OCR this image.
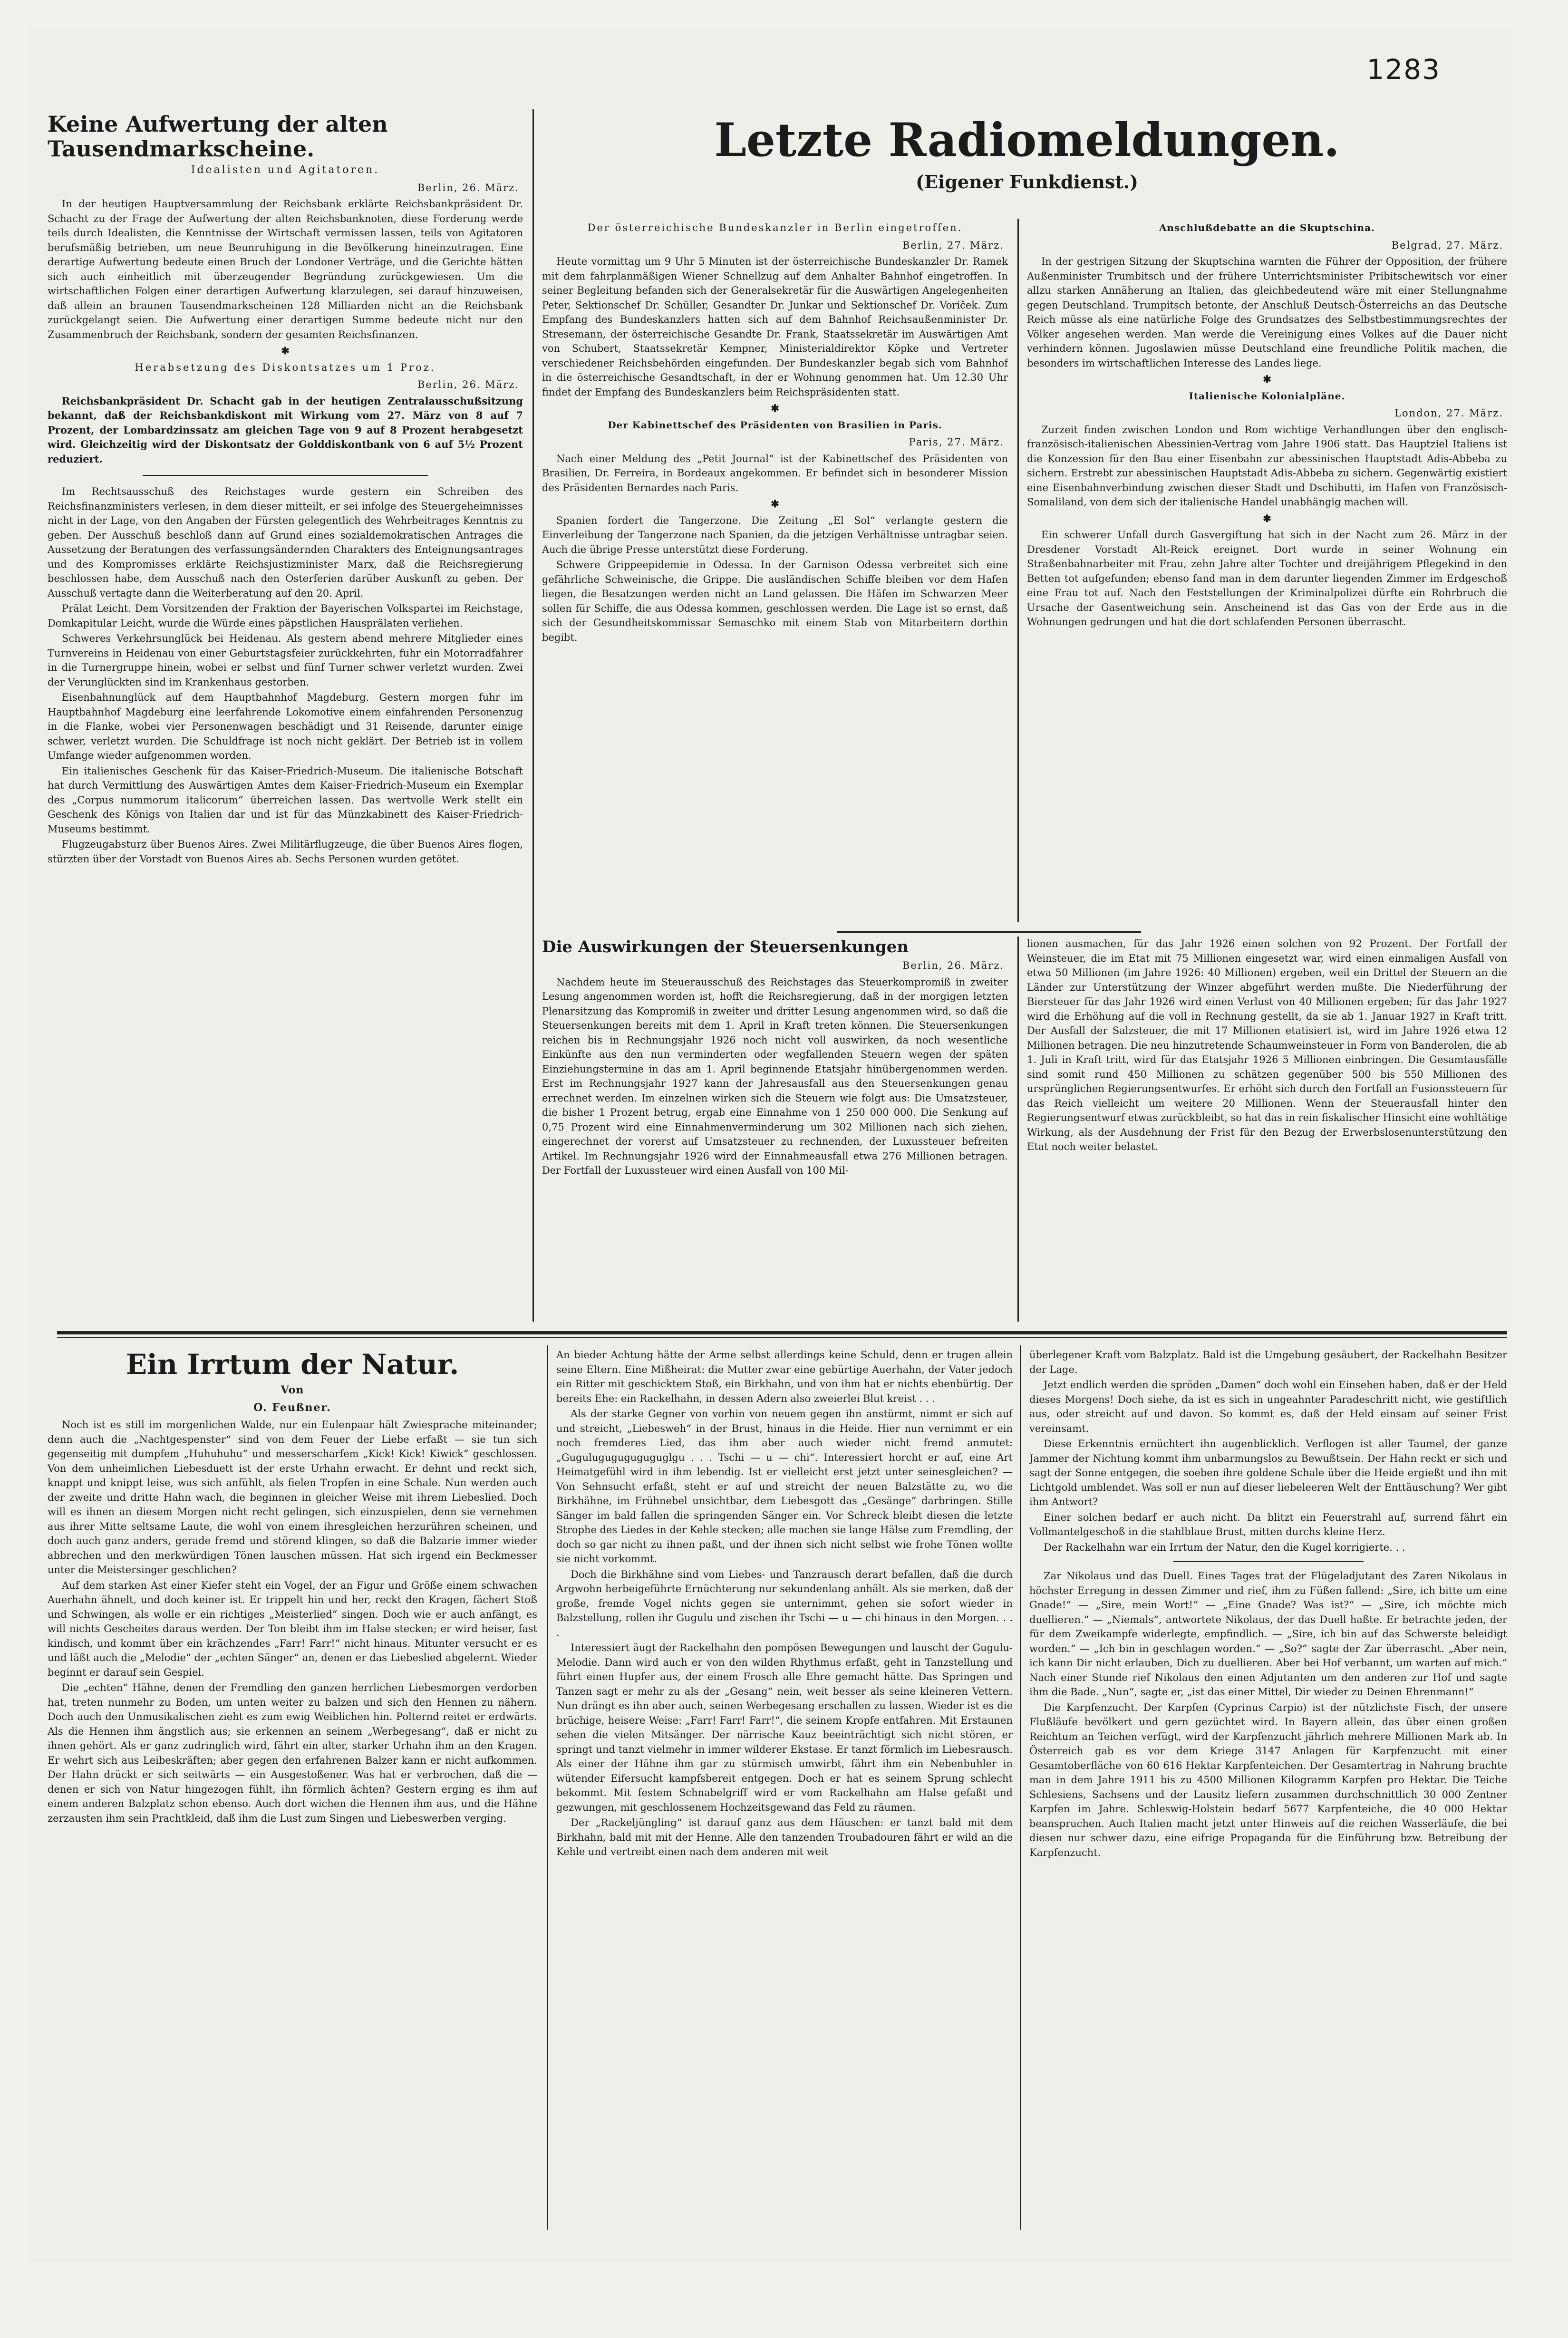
1283
Keine Aufwertung der alten Tausendmarkscheine.
Idealisten und Agitatoren.
Berlin, 26. März.

In der heutigen Hauptversammlung der Reichsbank erklärte Reichsbankpräsident Dr. Schacht zu der Frage der Aufwertung der alten Reichsbanknoten, diese Forderung werde teils durch Idealisten, die Kenntnisse der Wirtschaft vermissen lassen, teils von Agitatoren berufsmäßig betrieben, um neue Beunruhigung in die Bevölkerung hineinzutragen. Eine derartige Aufwertung bedeute einen Bruch der Londoner Verträge, und die Gerichte hätten sich auch einheitlich mit überzeugender Begründung zurückgewiesen. Um die wirtschaftlichen Folgen einer derartigen Aufwertung klarzulegen, sei darauf hinzuweisen, daß allein an braunen Tausendmarkscheinen 128 Milliarden nicht an die Reichsbank zurückgelangt seien. Die Aufwertung einer derartigen Summe bedeute nicht nur den Zusammenbruch der Reichsbank, sondern der gesamten Reichsfinanzen.

✱
Herabsetzung des Diskontsatzes um 1 Proz.
Berlin, 26. März.

Reichsbankpräsident Dr. Schacht gab in der heutigen Zentralausschußsitzung bekannt, daß der Reichsbankdiskont mit Wirkung vom 27. März von 8 auf 7 Prozent, der Lombardzinssatz am gleichen Tage von 9 auf 8 Prozent herabgesetzt wird. Gleichzeitig wird der Diskontsatz der Golddiskontbank von 6 auf 5½ Prozent reduziert.

Im Rechtsausschuß des Reichstages wurde gestern ein Schreiben des Reichsfinanzministers verlesen, in dem dieser mitteilt, er sei infolge des Steuergeheimnisses nicht in der Lage, von den Angaben der Fürsten gelegentlich des Wehrbeitrages Kenntnis zu geben. Der Ausschuß beschloß dann auf Grund eines sozialdemokratischen Antrages die Aussetzung der Beratungen des verfassungsändernden Charakters des Enteignungsantrages und des Kompromisses erklärte Reichsjustizminister Marx, daß die Reichsregierung beschlossen habe, dem Ausschuß nach den Osterferien darüber Auskunft zu geben. Der Ausschuß vertagte dann die Weiterberatung auf den 20. April.

Prälat Leicht. Dem Vorsitzenden der Fraktion der Bayerischen Volkspartei im Reichstage, Domkapitular Leicht, wurde die Würde eines päpstlichen Hausprälaten verliehen.

Schweres Verkehrsunglück bei Heidenau. Als gestern abend mehrere Mitglieder eines Turnvereins in Heidenau von einer Geburtstagsfeier zurückkehrten, fuhr ein Motorradfahrer in die Turnergruppe hinein, wobei er selbst und fünf Turner schwer verletzt wurden. Zwei der Verunglückten sind im Krankenhaus gestorben.

Eisenbahnunglück auf dem Hauptbahnhof Magdeburg. Gestern morgen fuhr im Hauptbahnhof Magdeburg eine leerfahrende Lokomotive einem einfahrenden Personenzug in die Flanke, wobei vier Personenwagen beschädigt und 31 Reisende, darunter einige schwer, verletzt wurden. Die Schuldfrage ist noch nicht geklärt. Der Betrieb ist in vollem Umfange wieder aufgenommen worden.

Ein italienisches Geschenk für das Kaiser-Friedrich-Museum. Die italienische Botschaft hat durch Vermittlung des Auswärtigen Amtes dem Kaiser-Friedrich-Museum ein Exemplar des „Corpus nummorum italicorum“ überreichen lassen. Das wertvolle Werk stellt ein Geschenk des Königs von Italien dar und ist für das Münzkabinett des Kaiser-Friedrich-Museums bestimmt.

Flugzeugabsturz über Buenos Aires. Zwei Militärflugzeuge, die über Buenos Aires flogen, stürzten über der Vorstadt von Buenos Aires ab. Sechs Personen wurden getötet.

Letzte Radiomeldungen.
(Eigener Funkdienst.)
Der österreichische Bundeskanzler in Berlin eingetroffen.
Berlin, 27. März.

Heute vormittag um 9 Uhr 5 Minuten ist der österreichische Bundeskanzler Dr. Ramek mit dem fahrplanmäßigen Wiener Schnellzug auf dem Anhalter Bahnhof eingetroffen. In seiner Begleitung befanden sich der Generalsekretär für die Auswärtigen Angelegenheiten Peter, Sektionschef Dr. Schüller, Gesandter Dr. Junkar und Sektionschef Dr. Voriček. Zum Empfang des Bundeskanzlers hatten sich auf dem Bahnhof Reichsaußenminister Dr. Stresemann, der österreichische Gesandte Dr. Frank, Staatssekretär im Auswärtigen Amt von Schubert, Staatssekretär Kempner, Ministerialdirektor Köpke und Vertreter verschiedener Reichsbehörden eingefunden. Der Bundeskanzler begab sich vom Bahnhof in die österreichische Gesandtschaft, in der er Wohnung genommen hat. Um 12.30 Uhr findet der Empfang des Bundeskanzlers beim Reichspräsidenten statt.

✱
Der Kabinettschef des Präsidenten von Brasilien in Paris.
Paris, 27. März.

Nach einer Meldung des „Petit Journal“ ist der Kabinettschef des Präsidenten von Brasilien, Dr. Ferreira, in Bordeaux angekommen. Er befindet sich in besonderer Mission des Präsidenten Bernardes nach Paris.

✱

Spanien fordert die Tangerzone. Die Zeitung „El Sol“ verlangte gestern die Einverleibung der Tangerzone nach Spanien, da die jetzigen Verhältnisse untragbar seien. Auch die übrige Presse unterstützt diese Forderung.

Schwere Grippeepidemie in Odessa. In der Garnison Odessa verbreitet sich eine gefährliche Schweinische, die Grippe. Die ausländischen Schiffe bleiben vor dem Hafen liegen, die Besatzungen werden nicht an Land gelassen. Die Häfen im Schwarzen Meer sollen für Schiffe, die aus Odessa kommen, geschlossen werden. Die Lage ist so ernst, daß sich der Gesundheitskommissar Semaschko mit einem Stab von Mitarbeitern dorthin begibt.

Anschlußdebatte an die Skuptschina.
Belgrad, 27. März.

In der gestrigen Sitzung der Skuptschina warnten die Führer der Opposition, der frühere Außenminister Trumbitsch und der frühere Unterrichtsminister Pribitschewitsch vor einer allzu starken Annäherung an Italien, das gleichbedeutend wäre mit einer Stellungnahme gegen Deutschland. Trumpitsch betonte, der Anschluß Deutsch-Österreichs an das Deutsche Reich müsse als eine natürliche Folge des Grundsatzes des Selbstbestimmungsrechtes der Völker angesehen werden. Man werde die Vereinigung eines Volkes auf die Dauer nicht verhindern können. Jugoslawien müsse Deutschland eine freundliche Politik machen, die besonders im wirtschaftlichen Interesse des Landes liege.

✱
Italienische Kolonialpläne.
London, 27. März.

Zurzeit finden zwischen London und Rom wichtige Verhandlungen über den englisch-französisch-italienischen Abessinien-Vertrag vom Jahre 1906 statt. Das Hauptziel Italiens ist die Konzession für den Bau einer Eisenbahn zur abessinischen Hauptstadt Adis-Abbeba zu sichern. Erstrebt zur abessinischen Hauptstadt Adis-Abbeba zu sichern. Gegenwärtig existiert eine Eisenbahnverbindung zwischen dieser Stadt und Dschibutti, im Hafen von Französisch-Somaliland, von dem sich der italienische Handel unabhängig machen will.

✱

Ein schwerer Unfall durch Gasvergiftung hat sich in der Nacht zum 26. März in der Dresdener Vorstadt Alt-Reick ereignet. Dort wurde in seiner Wohnung ein Straßenbahnarbeiter mit Frau, zehn Jahre alter Tochter und dreijährigem Pflegekind in den Betten tot aufgefunden; ebenso fand man in dem darunter liegenden Zimmer im Erdgeschoß eine Frau tot auf. Nach den Feststellungen der Kriminalpolizei dürfte ein Rohrbruch die Ursache der Gasentweichung sein. Anscheinend ist das Gas von der Erde aus in die Wohnungen gedrungen und hat die dort schlafenden Personen überrascht.

Die Auswirkungen der Steuersenkungen
Berlin, 26. März.

Nachdem heute im Steuerausschuß des Reichstages das Steuerkompromiß in zweiter Lesung angenommen worden ist, hofft die Reichsregierung, daß in der morgigen letzten Plenarsitzung das Kompromiß in zweiter und dritter Lesung angenommen wird, so daß die Steuersenkungen bereits mit dem 1. April in Kraft treten können. Die Steuersenkungen reichen bis in Rechnungsjahr 1926 noch nicht voll auswirken, da noch wesentliche Einkünfte aus den nun verminderten oder wegfallenden Steuern wegen der späten Einziehungstermine in das am 1. April beginnende Etatsjahr hinübergenommen werden. Erst im Rechnungsjahr 1927 kann der Jahresausfall aus den Steuersenkungen genau errechnet werden. Im einzelnen wirken sich die Steuern wie folgt aus: Die Umsatzsteuer, die bisher 1 Prozent betrug, ergab eine Einnahme von 1 250 000 000. Die Senkung auf 0,75 Prozent wird eine Einnahmenverminderung um 302 Millionen nach sich ziehen, eingerechnet der vorerst auf Umsatzsteuer zu rechnenden, der Luxussteuer befreiten Artikel. Im Rechnungsjahr 1926 wird der Einnahmeausfall etwa 276 Millionen betragen. Der Fortfall der Luxussteuer wird einen Ausfall von 100 Mil-

lionen ausmachen, für das Jahr 1926 einen solchen von 92 Prozent. Der Fortfall der Weinsteuer, die im Etat mit 75 Millionen eingesetzt war, wird einen einmaligen Ausfall von etwa 50 Millionen (im Jahre 1926: 40 Millionen) ergeben, weil ein Drittel der Steuern an die Länder zur Unterstützung der Winzer abgeführt werden mußte. Die Niederführung der Biersteuer für das Jahr 1926 wird einen Verlust von 40 Millionen ergeben; für das Jahr 1927 wird die Erhöhung auf die voll in Rechnung gestellt, da sie ab 1. Januar 1927 in Kraft tritt. Der Ausfall der Salzsteuer, die mit 17 Millionen etatisiert ist, wird im Jahre 1926 etwa 12 Millionen betragen. Die neu hinzutretende Schaumweinsteuer in Form von Banderolen, die ab 1. Juli in Kraft tritt, wird für das Etatsjahr 1926 5 Millionen einbringen. Die Gesamtausfälle sind somit rund 450 Millionen zu schätzen gegenüber 500 bis 550 Millionen des ursprünglichen Regierungsentwurfes. Er erhöht sich durch den Fortfall an Fusionssteuern für das Reich vielleicht um weitere 20 Millionen. Wenn der Steuerausfall hinter den Regierungsentwurf etwas zurückbleibt, so hat das in rein fiskalischer Hinsicht eine wohltätige Wirkung, als der Ausdehnung der Frist für den Bezug der Erwerbslosenunterstützung den Etat noch weiter belastet.

Ein Irrtum der Natur.
Von
O. Feußner.

Noch ist es still im morgenlichen Walde, nur ein Eulenpaar hält Zwiesprache miteinander; denn auch die „Nachtgespenster“ sind von dem Feuer der Liebe erfaßt — sie tun sich gegenseitig mit dumpfem „Huhuhuhu“ und messerscharfem „Kick! Kick! Kiwick“ geschlossen. Von dem unheimlichen Liebesduett ist der erste Urhahn erwacht. Er dehnt und reckt sich, knappt und knippt leise, was sich anfühlt, als fielen Tropfen in eine Schale. Nun werden auch der zweite und dritte Hahn wach, die beginnen in gleicher Weise mit ihrem Liebeslied. Doch will es ihnen an diesem Morgen nicht recht gelingen, sich einzuspielen, denn sie vernehmen aus ihrer Mitte seltsame Laute, die wohl von einem ihresgleichen herzurühren scheinen, und doch auch ganz anders, gerade fremd und störend klingen, so daß die Balzarie immer wieder abbrechen und den merkwürdigen Tönen lauschen müssen. Hat sich irgend ein Beckmesser unter die Meistersinger geschlichen?

Auf dem starken Ast einer Kiefer steht ein Vogel, der an Figur und Größe einem schwachen Auerhahn ähnelt, und doch keiner ist. Er trippelt hin und her, reckt den Kragen, fächert Stoß und Schwingen, als wolle er ein richtiges „Meisterlied“ singen. Doch wie er auch anfängt, es will nichts Gescheites daraus werden. Der Ton bleibt ihm im Halse stecken; er wird heiser, fast kindisch, und kommt über ein krächzendes „Farr! Farr!“ nicht hinaus. Mitunter versucht er es und läßt auch die „Melodie“ der „echten Sänger“ an, denen er das Liebeslied abgelernt. Wieder beginnt er darauf sein Gespiel.

Die „echten“ Hähne, denen der Fremdling den ganzen herrlichen Liebesmorgen verdorben hat, treten nunmehr zu Boden, um unten weiter zu balzen und sich den Hennen zu nähern. Doch auch den Unmusikalischen zieht es zum ewig Weiblichen hin. Polternd reitet er erdwärts. Als die Hennen ihm ängstlich aus; sie erkennen an seinem „Werbegesang“, daß er nicht zu ihnen gehört. Als er ganz zudringlich wird, fährt ein alter, starker Urhahn ihm an den Kragen. Er wehrt sich aus Leibeskräften; aber gegen den erfahrenen Balzer kann er nicht aufkommen. Der Hahn drückt er sich seitwärts — ein Ausgestoßener. Was hat er verbrochen, daß die — denen er sich von Natur hingezogen fühlt, ihn förmlich ächten? Gestern erging es ihm auf einem anderen Balzplatz schon ebenso. Auch dort wichen die Hennen ihm aus, und die Hähne zerzausten ihm sein Prachtkleid, daß ihm die Lust zum Singen und Liebeswerben verging.

An bieder Achtung hätte der Arme selbst allerdings keine Schuld, denn er trugen allein seine Eltern. Eine Mißheirat: die Mutter zwar eine gebürtige Auerhahn, der Vater jedoch ein Ritter mit geschicktem Stoß, ein Birkhahn, und von ihm hat er nichts ebenbürtig. Der bereits Ehe: ein Rackelhahn, in dessen Adern also zweierlei Blut kreist . . .

Als der starke Gegner von vorhin von neuem gegen ihn anstürmt, nimmt er sich auf und streicht, „Liebesweh“ in der Brust, hinaus in die Heide. Hier nun vernimmt er ein noch fremderes Lied, das ihm aber auch wieder nicht fremd anmutet: „Guguluguguguguguglgu . . . Tschi — u — chi“. Interessiert horcht er auf, eine Art Heimatgefühl wird in ihm lebendig. Ist er vielleicht erst jetzt unter seinesgleichen? — Von Sehnsucht erfaßt, steht er auf und streicht der neuen Balzstätte zu, wo die Birkhähne, im Frühnebel unsichtbar, dem Liebesgott das „Gesänge“ darbringen. Stille Sänger im bald fallen die springenden Sänger ein. Vor Schreck bleibt diesen die letzte Strophe des Liedes in der Kehle stecken; alle machen sie lange Hälse zum Fremdling, der doch so gar nicht zu ihnen paßt, und der ihnen sich nicht selbst wie frohe Tönen wollte sie nicht vorkommt.

Doch die Birkhähne sind vom Liebes- und Tanzrausch derart befallen, daß die durch Argwohn herbeigeführte Ernüchterung nur sekundenlang anhält. Als sie merken, daß der große, fremde Vogel nichts gegen sie unternimmt, gehen sie sofort wieder in Balzstellung, rollen ihr Gugulu und zischen ihr Tschi — u — chi hinaus in den Morgen. . . .

Interessiert äugt der Rackelhahn den pompösen Bewegungen und lauscht der Gugulu-Melodie. Dann wird auch er von den wilden Rhythmus erfaßt, geht in Tanzstellung und führt einen Hupfer aus, der einem Frosch alle Ehre gemacht hätte. Das Springen und Tanzen sagt er mehr zu als der „Gesang“ nein, weit besser als seine kleineren Vettern. Nun drängt es ihn aber auch, seinen Werbegesang erschallen zu lassen. Wieder ist es die brüchige, heisere Weise: „Farr! Farr! Farr!“, die seinem Kropfe entfahren. Mit Erstaunen sehen die vielen Mitsänger. Der närrische Kauz beeinträchtigt sich nicht stören, er springt und tanzt vielmehr in immer wilderer Ekstase. Er tanzt förmlich im Liebesrausch. Als einer der Hähne ihm gar zu stürmisch umwirbt, fährt ihm ein Nebenbuhler in wütender Eifersucht kampfsbereit entgegen. Doch er hat es seinem Sprung schlecht bekommt. Mit festem Schnabelgriff wird er vom Rackelhahn am Halse gefaßt und gezwungen, mit geschlossenem Hochzeitsgewand das Feld zu räumen.

Der „Rackeljüngling“ ist darauf ganz aus dem Häuschen: er tanzt bald mit dem Birkhahn, bald mit mit der Henne. Alle den tanzenden Troubadouren fährt er wild an die Kehle und vertreibt einen nach dem anderen mit weit

überlegener Kraft vom Balzplatz. Bald ist die Umgebung gesäubert, der Rackelhahn Besitzer der Lage.

Jetzt endlich werden die spröden „Damen“ doch wohl ein Einsehen haben, daß er der Held dieses Morgens! Doch siehe, da ist es sich in ungeahnter Paradeschritt nicht, wie gestiftlich aus, oder streicht auf und davon. So kommt es, daß der Held einsam auf seiner Frist vereinsamt.

Diese Erkenntnis ernüchtert ihn augenblicklich. Verflogen ist aller Taumel, der ganze Jammer der Nichtung kommt ihm unbarmungslos zu Bewußtsein. Der Hahn reckt er sich und sagt der Sonne entgegen, die soeben ihre goldene Schale über die Heide ergießt und ihn mit Lichtgold umblendet. Was soll er nun auf dieser liebeleeren Welt der Enttäuschung? Wer gibt ihm Antwort?

Einer solchen bedarf er auch nicht. Da blitzt ein Feuerstrahl auf, surrend fährt ein Vollmantelgeschoß in die stahlblaue Brust, mitten durchs kleine Herz.

Der Rackelhahn war ein Irrtum der Natur, den die Kugel korrigierte. . .

Zar Nikolaus und das Duell. Eines Tages trat der Flügeladjutant des Zaren Nikolaus in höchster Erregung in dessen Zimmer und rief, ihm zu Füßen fallend: „Sire, ich bitte um eine Gnade!“ — „Sire, mein Wort!“ — „Eine Gnade? Was ist?“ — „Sire, ich möchte mich duellieren.“ — „Niemals“, antwortete Nikolaus, der das Duell haßte. Er betrachte jeden, der für dem Zweikampfe widerlegte, empfindlich. — „Sire, ich bin auf das Schwerste beleidigt worden.“ — „Ich bin in geschlagen worden.“ — „So?“ sagte der Zar überrascht. „Aber nein, ich kann Dir nicht erlauben, Dich zu duellieren. Aber bei Hof verbannt, um warten auf mich.“ Nach einer Stunde rief Nikolaus den einen Adjutanten um den anderen zur Hof und sagte ihm die Bade. „Nun“, sagte er, „ist das einer Mittel, Dir wieder zu Deinen Ehrenmann!“

Die Karpfenzucht. Der Karpfen (Cyprinus Carpio) ist der nützlichste Fisch, der unsere Flußläufe bevölkert und gern gezüchtet wird. In Bayern allein, das über einen großen Reichtum an Teichen verfügt, wird der Karpfenzucht jährlich mehrere Millionen Mark ab. In Österreich gab es vor dem Kriege 3147 Anlagen für Karpfenzucht mit einer Gesamtoberfläche von 60 616 Hektar Karpfenteichen. Der Gesamtertrag in Nahrung brachte man in dem Jahre 1911 bis zu 4500 Millionen Kilogramm Karpfen pro Hektar. Die Teiche Schlesiens, Sachsens und der Lausitz liefern zusammen durchschnittlich 30 000 Zentner Karpfen im Jahre. Schleswig-Holstein bedarf 5677 Karpfenteiche, die 40 000 Hektar beanspruchen. Auch Italien macht jetzt unter Hinweis auf die reichen Wasserläufe, die bei diesen nur schwer dazu, eine eifrige Propaganda für die Einführung bzw. Betreibung der Karpfenzucht.
